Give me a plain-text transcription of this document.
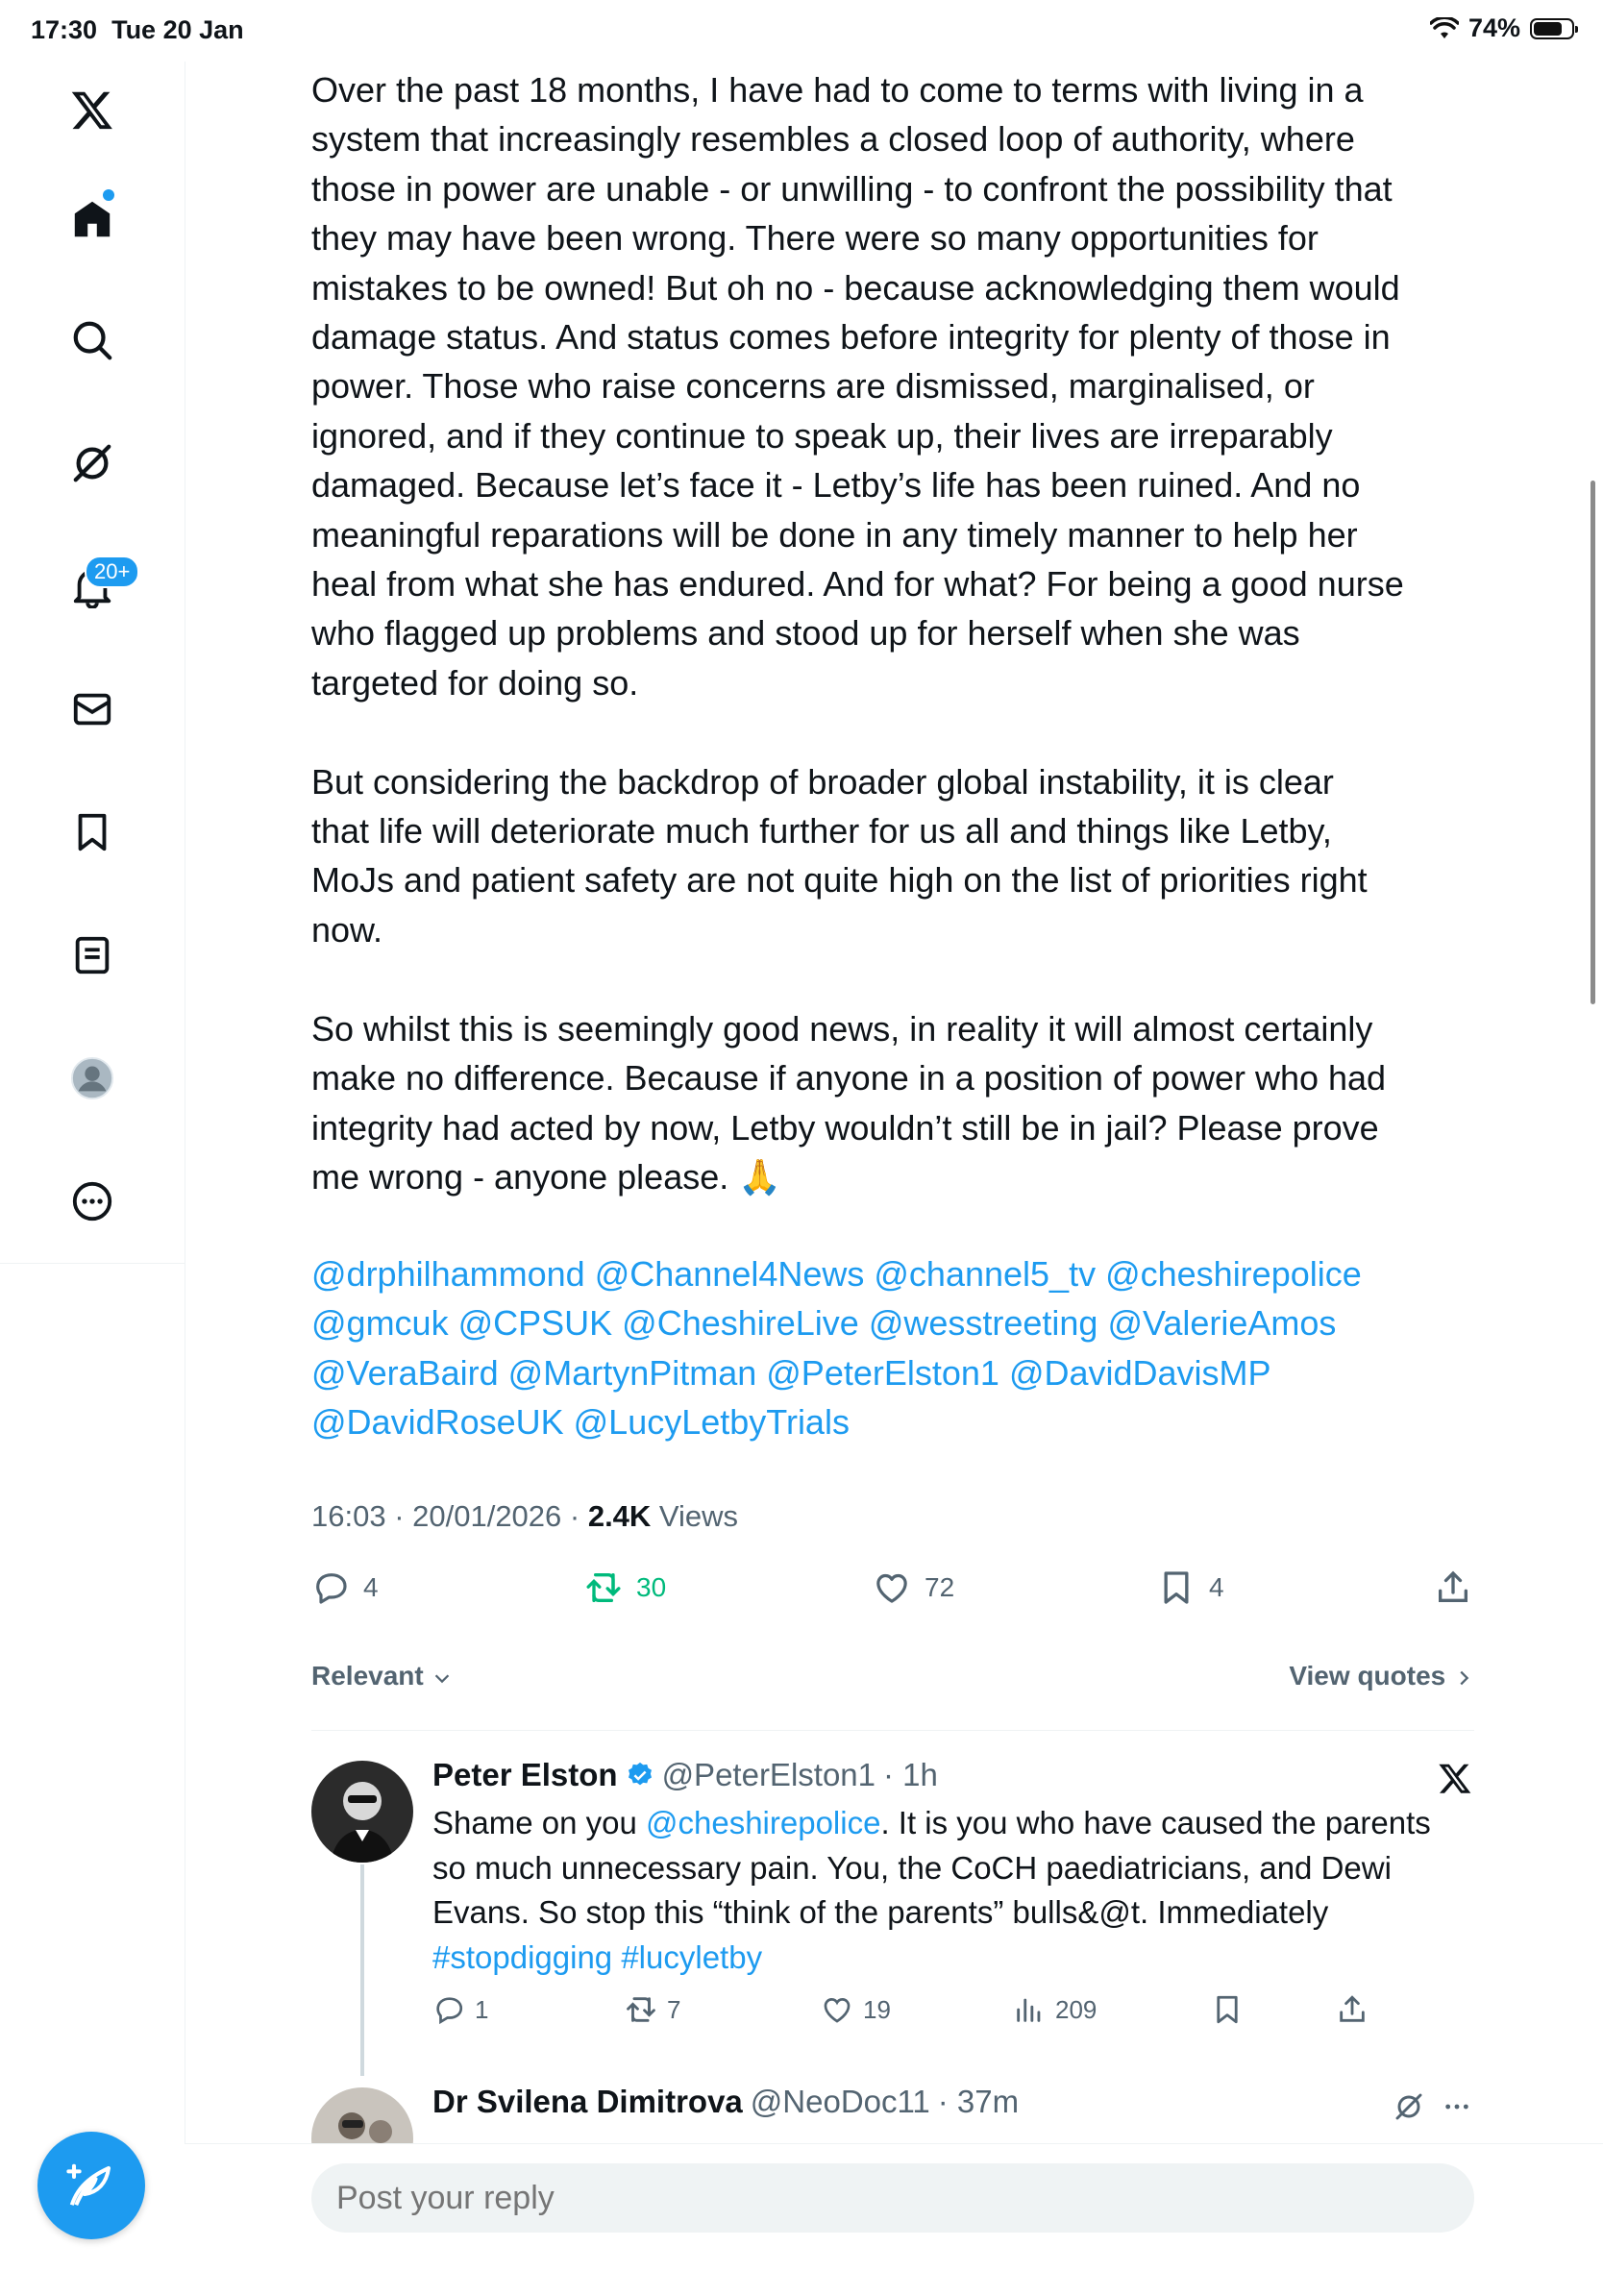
17:30 Tue 20 Jan	74%
20+

Over the past 18 months, I have had to come to terms with living in a
system that increasingly resembles a closed loop of authority, where
those in power are unable - or unwilling - to confront the possibility that
they may have been wrong. There were so many opportunities for
mistakes to be owned! But oh no - because acknowledging them would
damage status. And status comes before integrity for plenty of those in
power. Those who raise concerns are dismissed, marginalised, or
ignored, and if they continue to speak up, their lives are irreparably
damaged. Because let’s face it - Letby’s life has been ruined. And no
meaningful reparations will be done in any timely manner to help her
heal from what she has endured. And for what? For being a good nurse
who flagged up problems and stood up for herself when she was
targeted for doing so.

But considering the backdrop of broader global instability, it is clear
that life will deteriorate much further for us all and things like Letby,
MoJs and patient safety are not quite high on the list of priorities right
now.

So whilst this is seemingly good news, in reality it will almost certainly
make no difference. Because if anyone in a position of power who had
integrity had acted by now, Letby wouldn’t still be in jail? Please prove
me wrong - anyone please. 🙏

@drphilhammond @Channel4News @channel5_tv @cheshirepolice
@gmcuk @CPSUK @CheshireLive @wesstreeting @ValerieAmos
@VeraBaird @MartynPitman @PeterElston1 @DavidDavisMP
@DavidRoseUK @LucyLetbyTrials
16:03 · 20/01/2026 · 2.4K Views
4	30	72	4
Relevant	View quotes
Peter Elston @PeterElston1 · 1h
Shame on you @cheshirepolice. It is you who have caused the parents so much unnecessary pain. You, the CoCH paediatricians, and Dewi Evans. So stop this “think of the parents” bulls&@t. Immediately
#stopdigging #lucyletby
1	7	19	209
Dr Svilena Dimitrova @NeoDoc11 · 37m
Post your reply
